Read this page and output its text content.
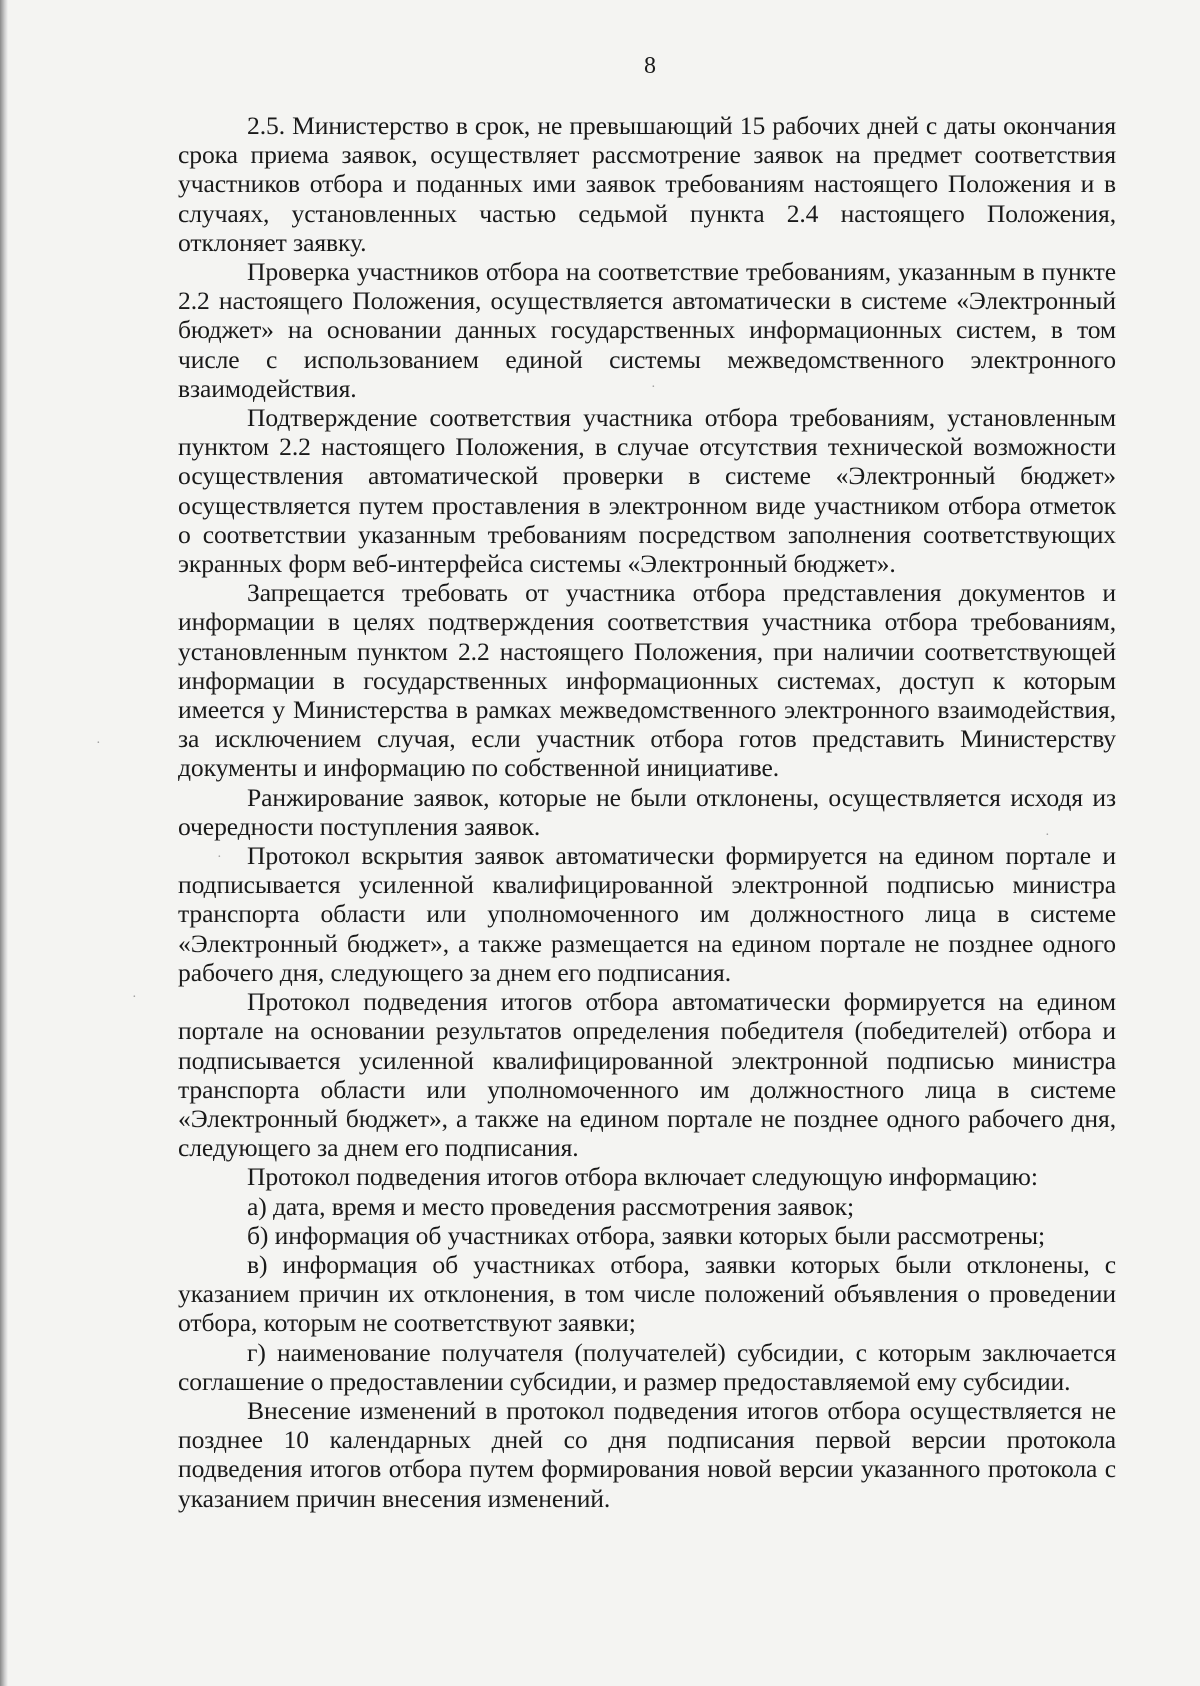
8

2.5. Министерство в срок, не превышающий 15 рабочих дней с даты окончания срока приема заявок, осуществляет рассмотрение заявок на предмет соответствия участников отбора и поданных ими заявок требованиям настоящего Положения и в случаях, установленных частью седьмой пункта 2.4 настоящего Положения, отклоняет заявку.

Проверка участников отбора на соответствие требованиям, указанным в пункте 2.2 настоящего Положения, осуществляется автоматически в системе «Электронный бюджет» на основании данных государственных информационных систем, в том числе с использованием единой системы межведомственного электронного взаимодействия.

Подтверждение соответствия участника отбора требованиям, установленным пунктом 2.2 настоящего Положения, в случае отсутствия технической возможности осуществления автоматической проверки в системе «Электронный бюджет» осуществляется путем проставления в электронном виде участником отбора отметок о соответствии указанным требованиям посредством заполнения соответствующих экранных форм веб-интерфейса системы «Электронный бюджет».

Запрещается требовать от участника отбора представления документов и информации в целях подтверждения соответствия участника отбора требованиям, установленным пунктом 2.2 настоящего Положения, при наличии соответствующей информации в государственных информационных системах, доступ к которым имеется у Министерства в рамках межведомственного электронного взаимодействия, за исключением случая, если участник отбора готов представить Министерству документы и информацию по собственной инициативе.

Ранжирование заявок, которые не были отклонены, осуществляется исходя из очередности поступления заявок.

Протокол вскрытия заявок автоматически формируется на едином портале и подписывается усиленной квалифицированной электронной подписью министра транспорта области или уполномоченного им должностного лица в системе «Электронный бюджет», а также размещается на едином портале не позднее одного рабочего дня, следующего за днем его подписания.

Протокол подведения итогов отбора автоматически формируется на едином портале на основании результатов определения победителя (победителей) отбора и подписывается усиленной квалифицированной электронной подписью министра транспорта области или уполномоченного им должностного лица в системе «Электронный бюджет», а также на едином портале не позднее одного рабочего дня, следующего за днем его подписания.

Протокол подведения итогов отбора включает следующую информацию:

а) дата, время и место проведения рассмотрения заявок;

б) информация об участниках отбора, заявки которых были рассмотрены;

в) информация об участниках отбора, заявки которых были отклонены, с указанием причин их отклонения, в том числе положений объявления о проведении отбора, которым не соответствуют заявки;

г) наименование получателя (получателей) субсидии, с которым заключается соглашение о предоставлении субсидии, и размер предоставляемой ему субсидии.

Внесение изменений в протокол подведения итогов отбора осуществляется не позднее 10 календарных дней со дня подписания первой версии протокола подведения итогов отбора путем формирования новой версии указанного протокола с указанием причин внесения изменений.

·
·
·
·
·
